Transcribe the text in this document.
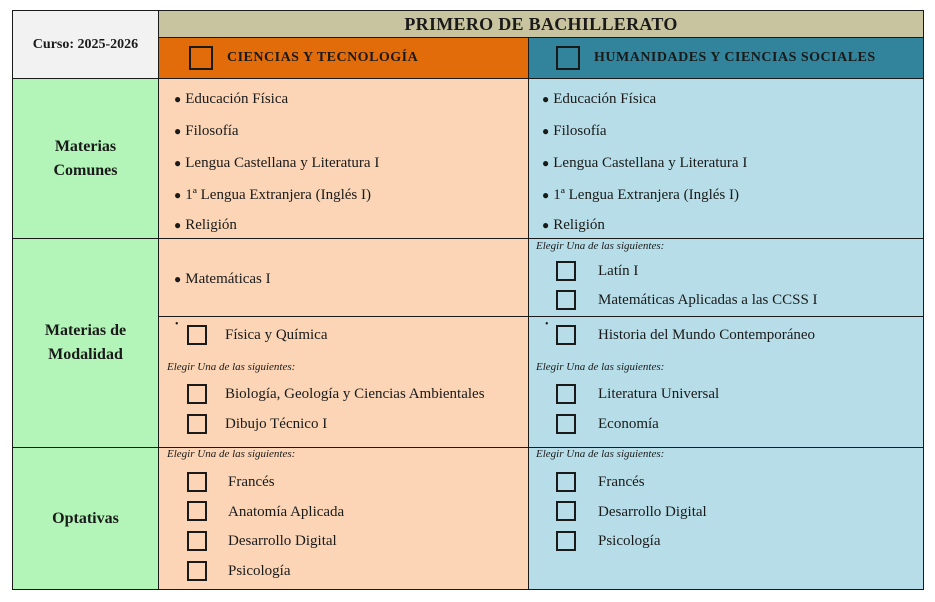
Curso: 2025-2026
PRIMERO DE BACHILLERATO
CIENCIAS Y TECNOLOGÍA	HUMANIDADES Y CIENCIAS SOCIALES
Materias
Comunes
Materias de
Modalidad
Optativas
● Educación Física
● Filosofía
● Lengua Castellana y Literatura I
● 1ª Lengua Extranjera (Inglés I)
● Religión
● Educación Física
● Filosofía
● Lengua Castellana y Literatura I
● 1ª Lengua Extranjera (Inglés I)
● Religión
● Matemáticas I
Elegir Una de las siguientes:
Latín I
Matemáticas Aplicadas a las CCSS I
•
Física y Química
Elegir Una de las siguientes:
Biología, Geología y Ciencias Ambientales
Dibujo Técnico I
•
Historia del Mundo Contemporáneo
Elegir Una de las siguientes:
Literatura Universal
Economía
Elegir Una de las siguientes:
Francés
Anatomía Aplicada
Desarrollo Digital
Psicología
Elegir Una de las siguientes:
Francés
Desarrollo Digital
Psicología
